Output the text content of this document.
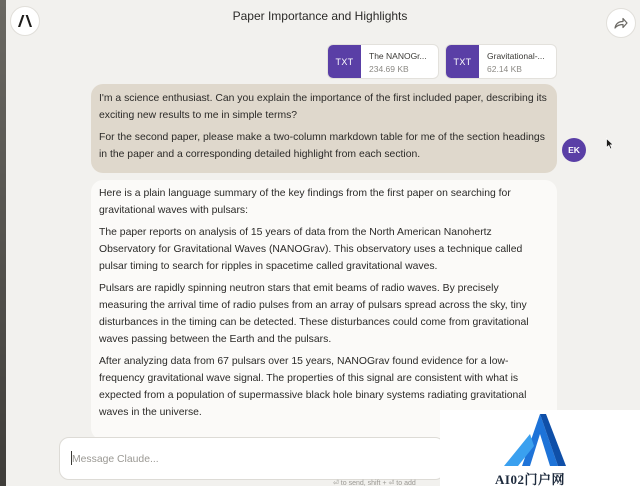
Paper Importance and Highlights
TXT
The NANOGr...
234.69 KB
TXT
Gravitational-...
62.14 KB

I'm a science enthusiast. Can you explain the importance of the first included paper, describing its exciting new results to me in simple terms?

For the second paper, please make a two-column markdown table for me of the section headings in the paper and a corresponding detailed highlight from each section.	EK

Here is a plain language summary of the key findings from the first paper on searching for gravitational waves with pulsars:

The paper reports on analysis of 15 years of data from the North American Nanohertz Observatory for Gravitational Waves (NANOGrav). This observatory uses a technique called pulsar timing to search for ripples in spacetime called gravitational waves.

Pulsars are rapidly spinning neutron stars that emit beams of radio waves. By precisely measuring the arrival time of radio pulses from an array of pulsars spread across the sky, tiny disturbances in the timing can be detected. These disturbances could come from gravitational waves passing between the Earth and the pulsars.

After analyzing data from 67 pulsars over 15 years, NANOGrav found evidence for a low-frequency gravitational wave signal. The properties of this signal are consistent with what is expected from a population of supermassive black hole binary systems radiating gravitational waves in the universe.

Message Claude...
⏎ to send, shift + ⏎ to add	AI02门户网
